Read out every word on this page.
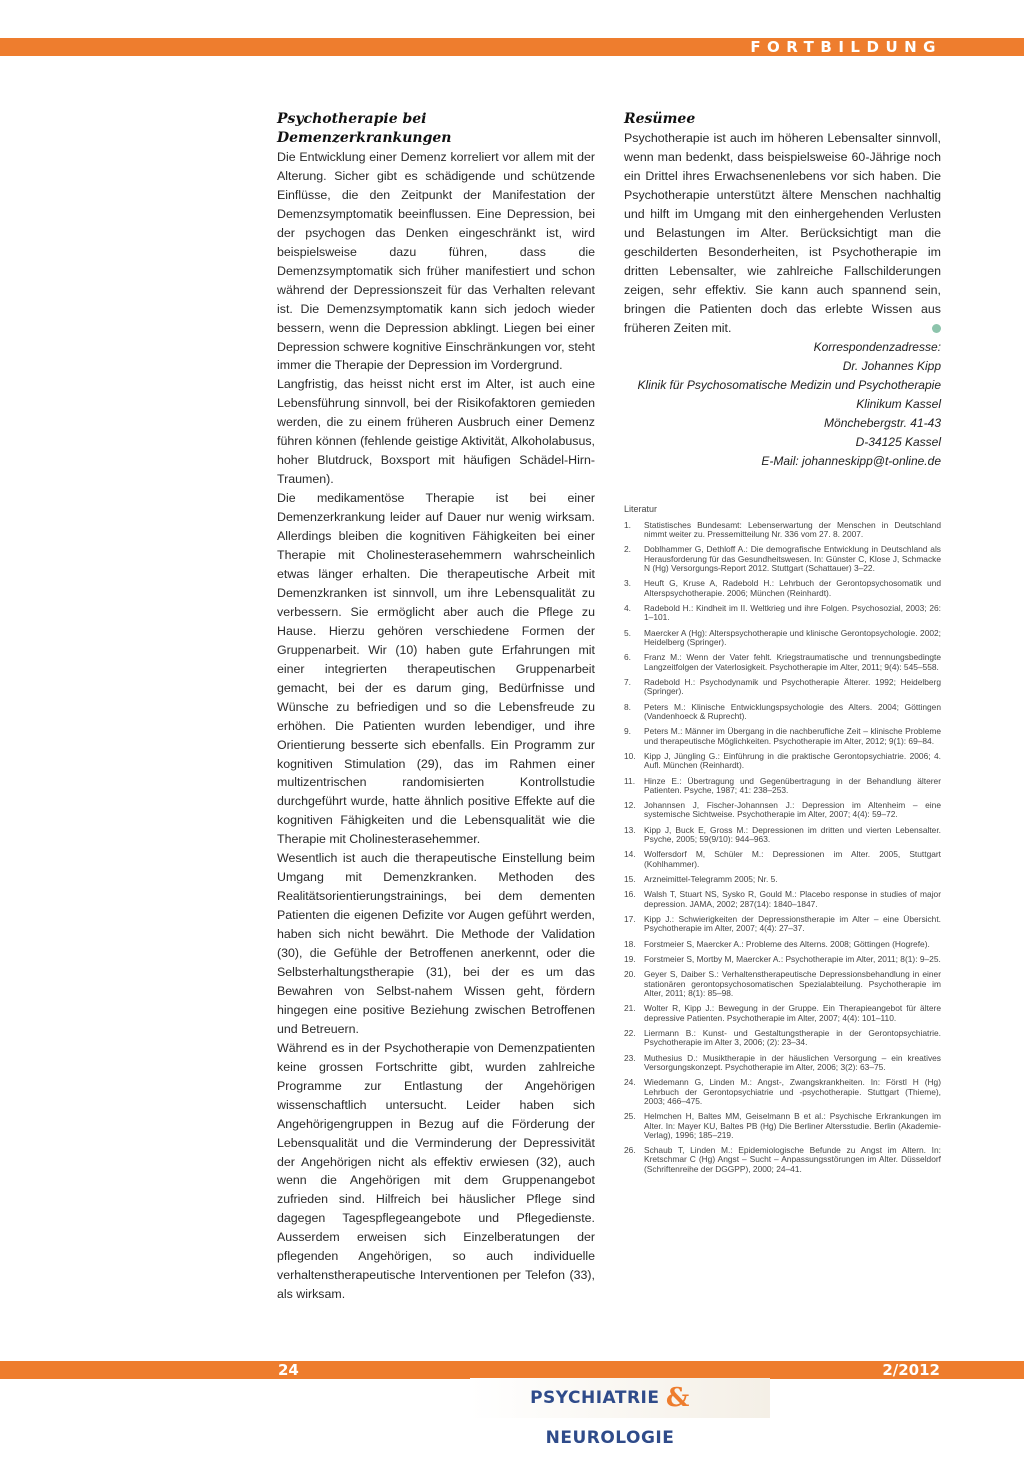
FORTBILDUNG
Psychotherapie bei Demenzerkrankungen

Die Entwicklung einer Demenz korreliert vor allem mit der Alterung. Sicher gibt es schädigende und schützende Einflüsse, die den Zeitpunkt der Manifestation der Demenzsymptomatik beeinflussen. Eine Depression, bei der psychogen das Denken eingeschränkt ist, wird beispielsweise dazu führen, dass die Demenzsymptomatik sich früher manifestiert und schon während der Depressionszeit für das Verhalten relevant ist. Die Demenzsymptomatik kann sich jedoch wieder bessern, wenn die Depression abklingt. Liegen bei einer Depression schwere kognitive Einschränkungen vor, steht immer die Therapie der Depression im Vordergrund.

Langfristig, das heisst nicht erst im Alter, ist auch eine Lebensführung sinnvoll, bei der Risikofaktoren gemieden werden, die zu einem früheren Ausbruch einer Demenz führen können (fehlende geistige Aktivität, Alkoholabusus, hoher Blutdruck, Boxsport mit häufigen Schädel-Hirn-Traumen).

Die medikamentöse Therapie ist bei einer Demenzerkrankung leider auf Dauer nur wenig wirksam. Allerdings bleiben die kognitiven Fähigkeiten bei einer Therapie mit Cholinesterasehemmern wahrscheinlich etwas länger erhalten. Die therapeutische Arbeit mit Demenzkranken ist sinnvoll, um ihre Lebensqualität zu verbessern. Sie ermöglicht aber auch die Pflege zu Hause. Hierzu gehören verschiedene Formen der Gruppenarbeit. Wir (10) haben gute Erfahrungen mit einer integrierten therapeutischen Gruppenarbeit gemacht, bei der es darum ging, Bedürfnisse und Wünsche zu befriedigen und so die Lebensfreude zu erhöhen. Die Patienten wurden lebendiger, und ihre Orientierung besserte sich ebenfalls. Ein Programm zur kognitiven Stimulation (29), das im Rahmen einer multizentrischen randomisierten Kontrollstudie durchgeführt wurde, hatte ähnlich positive Effekte auf die kognitiven Fähigkeiten und die Lebensqualität wie die Therapie mit Cholinesterasehemmer.

Wesentlich ist auch die therapeutische Einstellung beim Umgang mit Demenzkranken. Methoden des Realitätsorientierungstrainings, bei dem dementen Patienten die eigenen Defizite vor Augen geführt werden, haben sich nicht bewährt. Die Methode der Validation (30), die Gefühle der Betroffenen anerkennt, oder die Selbsterhaltungstherapie (31), bei der es um das Bewahren von Selbst-nahem Wissen geht, fördern hingegen eine positive Beziehung zwischen Betroffenen und Betreuern.

Während es in der Psychotherapie von Demenzpatienten keine grossen Fortschritte gibt, wurden zahlreiche Programme zur Entlastung der Angehörigen wissenschaftlich untersucht. Leider haben sich Angehörigengruppen in Bezug auf die Förderung der Lebensqualität und die Verminderung der Depressivität der Angehörigen nicht als effektiv erwiesen (32), auch wenn die Angehörigen mit dem Gruppenangebot zufrieden sind. Hilfreich bei häuslicher Pflege sind dagegen Tagespflegeangebote und Pflegedienste. Ausserdem erweisen sich Einzelberatungen der pflegenden Angehörigen, so auch individuelle verhaltenstherapeutische Interventionen per Telefon (33), als wirksam.

Resümee

Psychotherapie ist auch im höheren Lebensalter sinnvoll, wenn man bedenkt, dass beispielsweise 60-Jährige noch ein Drittel ihres Erwachsenenlebens vor sich haben. Die Psychotherapie unterstützt ältere Menschen nachhaltig und hilft im Umgang mit den einhergehenden Verlusten und Belastungen im Alter. Berücksichtigt man die geschilderten Besonderheiten, ist Psychotherapie im dritten Lebensalter, wie zahlreiche Fallschilderungen zeigen, sehr effektiv. Sie kann auch spannend sein, bringen die Patienten doch das erlebte Wissen aus früheren Zeiten mit.

Korrespondenzadresse:
Dr. Johannes Kipp
Klinik für Psychosomatische Medizin und Psychotherapie
Klinikum Kassel
Mönchebergstr. 41-43
D-34125 Kassel
E-Mail: johanneskipp@t-online.de
Literatur
1. Statistisches Bundesamt: Lebenserwartung der Menschen in Deutschland nimmt weiter zu. Pressemitteilung Nr. 336 vom 27. 8. 2007.
2. Doblhammer G, Dethloff A.: Die demografische Entwicklung in Deutschland als Herausforderung für das Gesundheitswesen. In: Günster C, Klose J, Schmacke N (Hg) Versorgungs-Report 2012. Stuttgart (Schattauer) 3–22.
3. Heuft G, Kruse A, Radebold H.: Lehrbuch der Gerontopsychosomatik und Alterspsychotherapie. 2006; München (Reinhardt).
4. Radebold H.: Kindheit im II. Weltkrieg und ihre Folgen. Psychosozial, 2003; 26: 1–101.
5. Maercker A (Hg): Alterspsychotherapie und klinische Gerontopsychologie. 2002; Heidelberg (Springer).
6. Franz M.: Wenn der Vater fehlt. Kriegstraumatische und trennungsbedingte Langzeitfolgen der Vaterlosigkeit. Psychotherapie im Alter, 2011; 9(4): 545–558.
7. Radebold H.: Psychodynamik und Psychotherapie Älterer. 1992; Heidelberg (Springer).
8. Peters M.: Klinische Entwicklungspsychologie des Alters. 2004; Göttingen (Vandenhoeck & Ruprecht).
9. Peters M.: Männer im Übergang in die nachberufliche Zeit – klinische Probleme und therapeutische Möglichkeiten. Psychotherapie im Alter, 2012; 9(1): 69–84.
10. Kipp J, Jüngling G.: Einführung in die praktische Gerontopsychiatrie. 2006; 4. Aufl. München (Reinhardt).
11. Hinze E.: Übertragung und Gegenübertragung in der Behandlung älterer Patienten. Psyche, 1987; 41: 238–253.
12. Johannsen J, Fischer-Johannsen J.: Depression im Altenheim – eine systemische Sichtweise. Psychotherapie im Alter, 2007; 4(4): 59–72.
13. Kipp J, Buck E, Gross M.: Depressionen im dritten und vierten Lebensalter. Psyche, 2005; 59(9/10): 944–963.
14. Wolfersdorf M, Schüler M.: Depressionen im Alter. 2005, Stuttgart (Kohlhammer).
15. Arzneimittel-Telegramm 2005; Nr. 5.
16. Walsh T, Stuart NS, Sysko R, Gould M.: Placebo response in studies of major depression. JAMA, 2002; 287(14): 1840–1847.
17. Kipp J.: Schwierigkeiten der Depressionstherapie im Alter – eine Übersicht. Psychotherapie im Alter, 2007; 4(4): 27–37.
18. Forstmeier S, Maercker A.: Probleme des Alterns. 2008; Göttingen (Hogrefe).
19. Forstmeier S, Mortby M, Maercker A.: Psychotherapie im Alter, 2011; 8(1): 9–25.
20. Geyer S, Daiber S.: Verhaltenstherapeutische Depressionsbehandlung in einer stationären gerontopsychosomatischen Spezialabteilung. Psychotherapie im Alter, 2011; 8(1): 85–98.
21. Wolter R, Kipp J.: Bewegung in der Gruppe. Ein Therapieangebot für ältere depressive Patienten. Psychotherapie im Alter, 2007; 4(4): 101–110.
22. Liermann B.: Kunst- und Gestaltungstherapie in der Gerontopsychiatrie. Psychotherapie im Alter 3, 2006; (2): 23–34.
23. Muthesius D.: Musiktherapie in der häuslichen Versorgung – ein kreatives Versorgungskonzept. Psychotherapie im Alter, 2006; 3(2): 63–75.
24. Wiedemann G, Linden M.: Angst-, Zwangskrankheiten. In: Förstl H (Hg) Lehrbuch der Gerontopsychiatrie und -psychotherapie. Stuttgart (Thieme), 2003; 466–475.
25. Helmchen H, Baltes MM, Geiselmann B et al.: Psychische Erkrankungen im Alter. In: Mayer KU, Baltes PB (Hg) Die Berliner Altersstudie. Berlin (Akademie-Verlag), 1996; 185–219.
26. Schaub T, Linden M.: Epidemiologische Befunde zu Angst im Altern. In: Kretschmar C (Hg) Angst – Sucht – Anpassungsstörungen im Alter. Düsseldorf (Schriftenreihe der DGGPP), 2000; 24–41.
24	2/2012
PSYCHIATRIE & NEUROLOGIE
